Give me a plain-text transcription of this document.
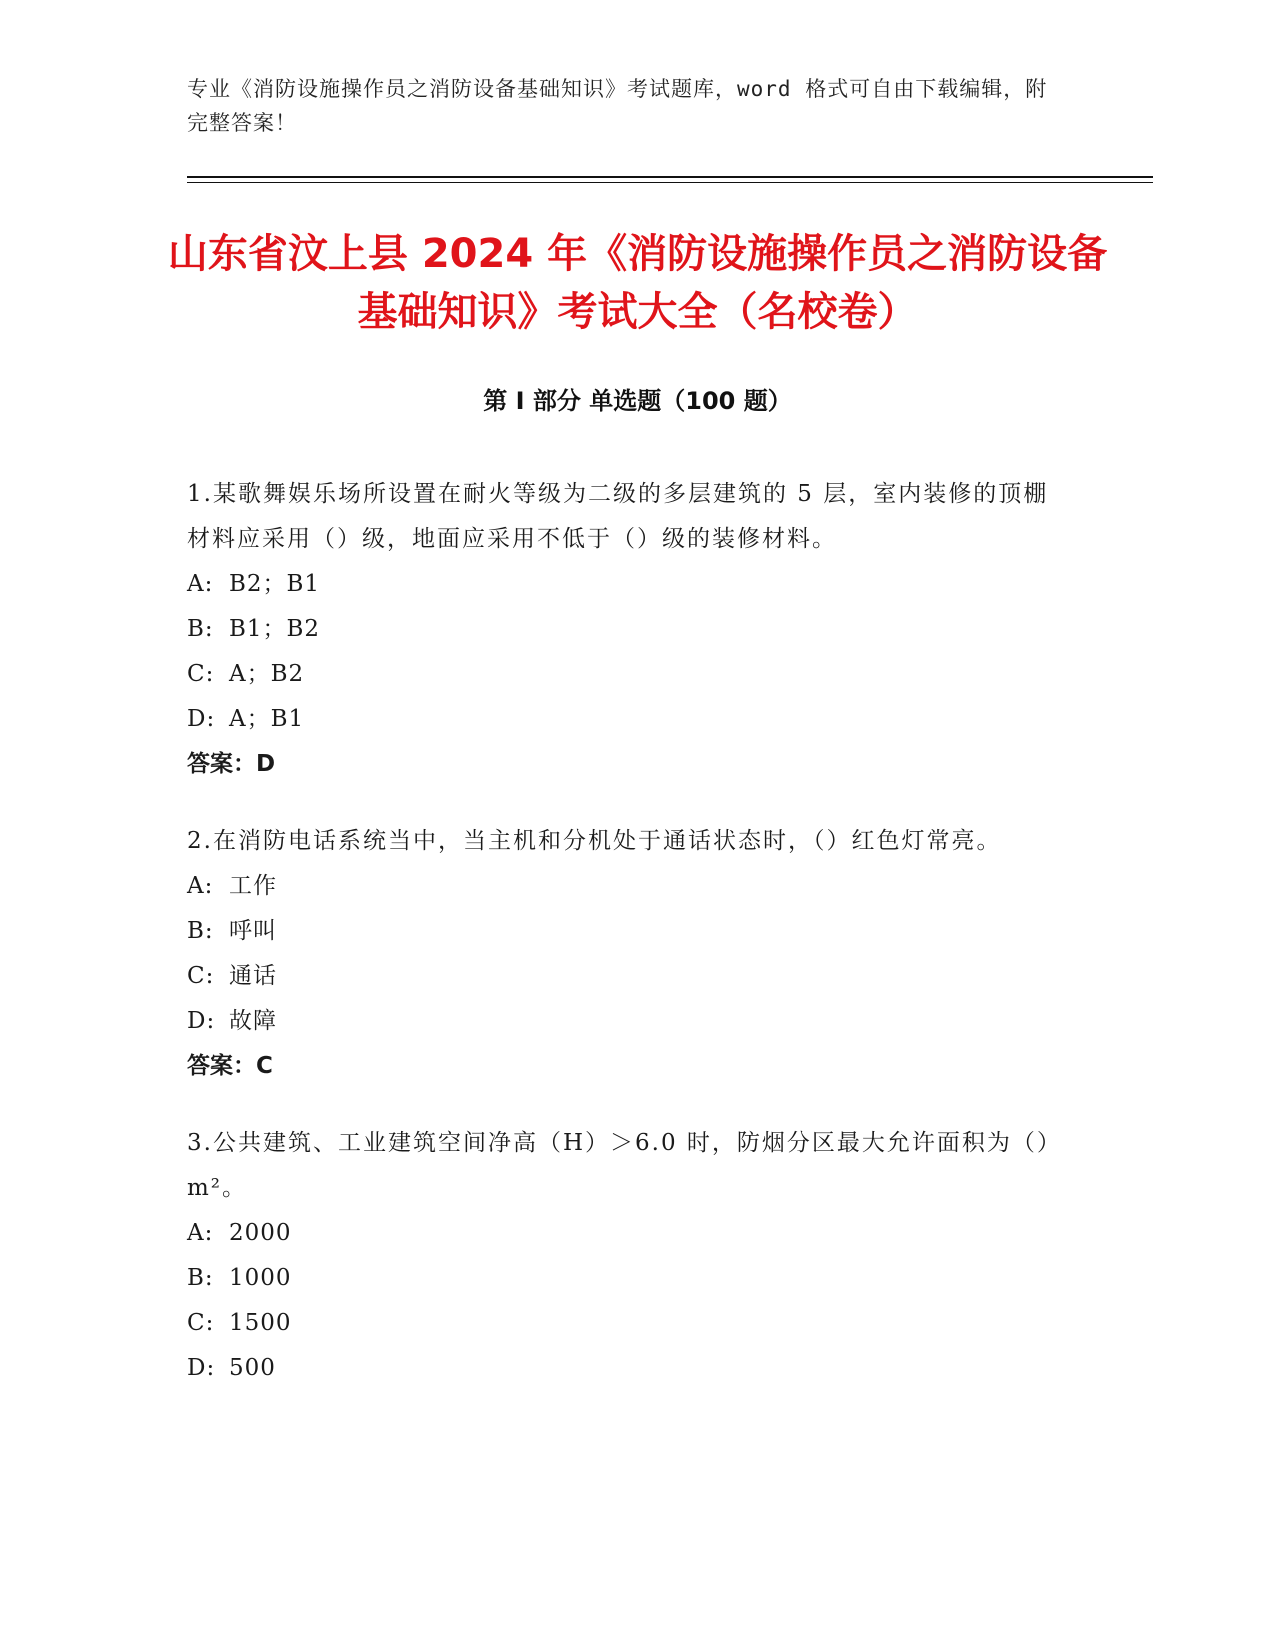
专业《消防设施操作员之消防设备基础知识》考试题库，word 格式可自由下载编辑，附完整答案！
山东省汶上县 2024 年《消防设施操作员之消防设备基础知识》考试大全（名校卷）
第 I 部分 单选题（100 题）

1.某歌舞娱乐场所设置在耐火等级为二级的多层建筑的 5 层，室内装修的顶棚材料应采用（）级，地面应采用不低于（）级的装修材料。

A: B2；B1

B: B1；B2

C: A；B2

D: A；B1

答案：D

2.在消防电话系统当中，当主机和分机处于通话状态时，（）红色灯常亮。

A: 工作

B: 呼叫

C: 通话

D: 故障

答案：C

3.公共建筑、工业建筑空间净高（H）＞6.0 时，防烟分区最大允许面积为（）m²。

A: 2000

B: 1000

C: 1500

D: 500
